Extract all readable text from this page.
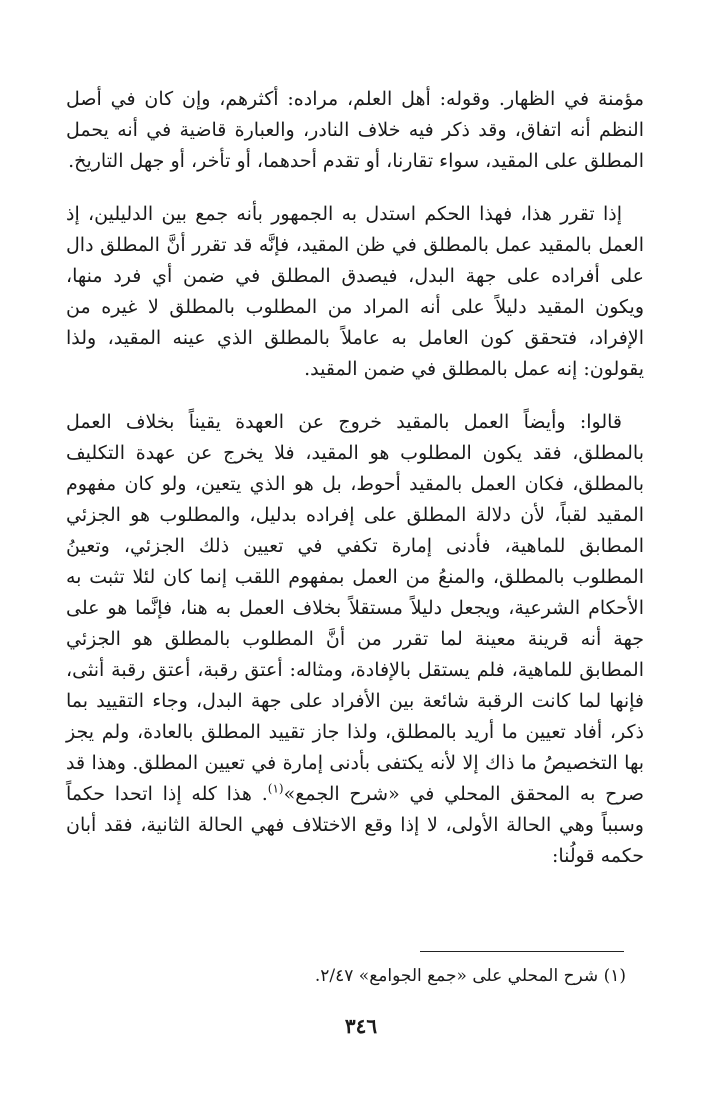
مؤمنة في الظهار. وقوله: أهل العلم، مراده: أكثرهم، وإن كان في أصل النظم أنه اتفاق، وقد ذكر فيه خلاف النادر، والعبارة قاضية في أنه يحمل المطلق على المقيد، سواء تقارنا، أو تقدم أحدهما، أو تأخر، أو جهل التاريخ.

إذا تقرر هذا، فهذا الحكم استدل به الجمهور بأنه جمع بين الدليلين، إذ العمل بالمقيد عمل بالمطلق في ظن المقيد، فإنَّه قد تقرر أنَّ المطلق دال على أفراده على جهة البدل، فيصدق المطلق في ضمن أي فرد منها، ويكون المقيد دليلاً على أنه المراد من المطلوب بالمطلق لا غيره من الإفراد، فتحقق كون العامل به عاملاً بالمطلق الذي عينه المقيد، ولذا يقولون: إنه عمل بالمطلق في ضمن المقيد.

قالوا: وأيضاً العمل بالمقيد خروج عن العهدة يقيناً بخلاف العمل بالمطلق، فقد يكون المطلوب هو المقيد، فلا يخرج عن عهدة التكليف بالمطلق، فكان العمل بالمقيد أحوط، بل هو الذي يتعين، ولو كان مفهوم المقيد لقباً، لأن دلالة المطلق على إفراده بدليل، والمطلوب هو الجزئي المطابق للماهية، فأدنى إمارة تكفي في تعيين ذلك الجزئي، وتعينُ المطلوب بالمطلق، والمنعُ من العمل بمفهوم اللقب إنما كان لئلا تثبت به الأحكام الشرعية، ويجعل دليلاً مستقلاً بخلاف العمل به هنا، فإنَّما هو على جهة أنه قرينة معينة لما تقرر من أنَّ المطلوب بالمطلق هو الجزئي المطابق للماهية، فلم يستقل بالإفادة، ومثاله: أعتق رقبة، أعتق رقبة أنثى، فإنها لما كانت الرقبة شائعة بين الأفراد على جهة البدل، وجاء التقييد بما ذكر، أفاد تعيين ما أريد بالمطلق، ولذا جاز تقييد المطلق بالعادة، ولم يجز بها التخصيصُ ما ذاك إلا لأنه يكتفى بأدنى إمارة في تعيين المطلق. وهذا قد صرح به المحقق المحلي في «شرح الجمع»$^{(١)}$. هذا كله إذا اتحدا حكماً وسبباً وهي الحالة الأولى، لا إذا وقع الاختلاف فهي الحالة الثانية، فقد أبان حكمه قولُنا:

(١) شرح المحلي على «جمع الجوامع» ٢/٤٧.
٣٤٦
